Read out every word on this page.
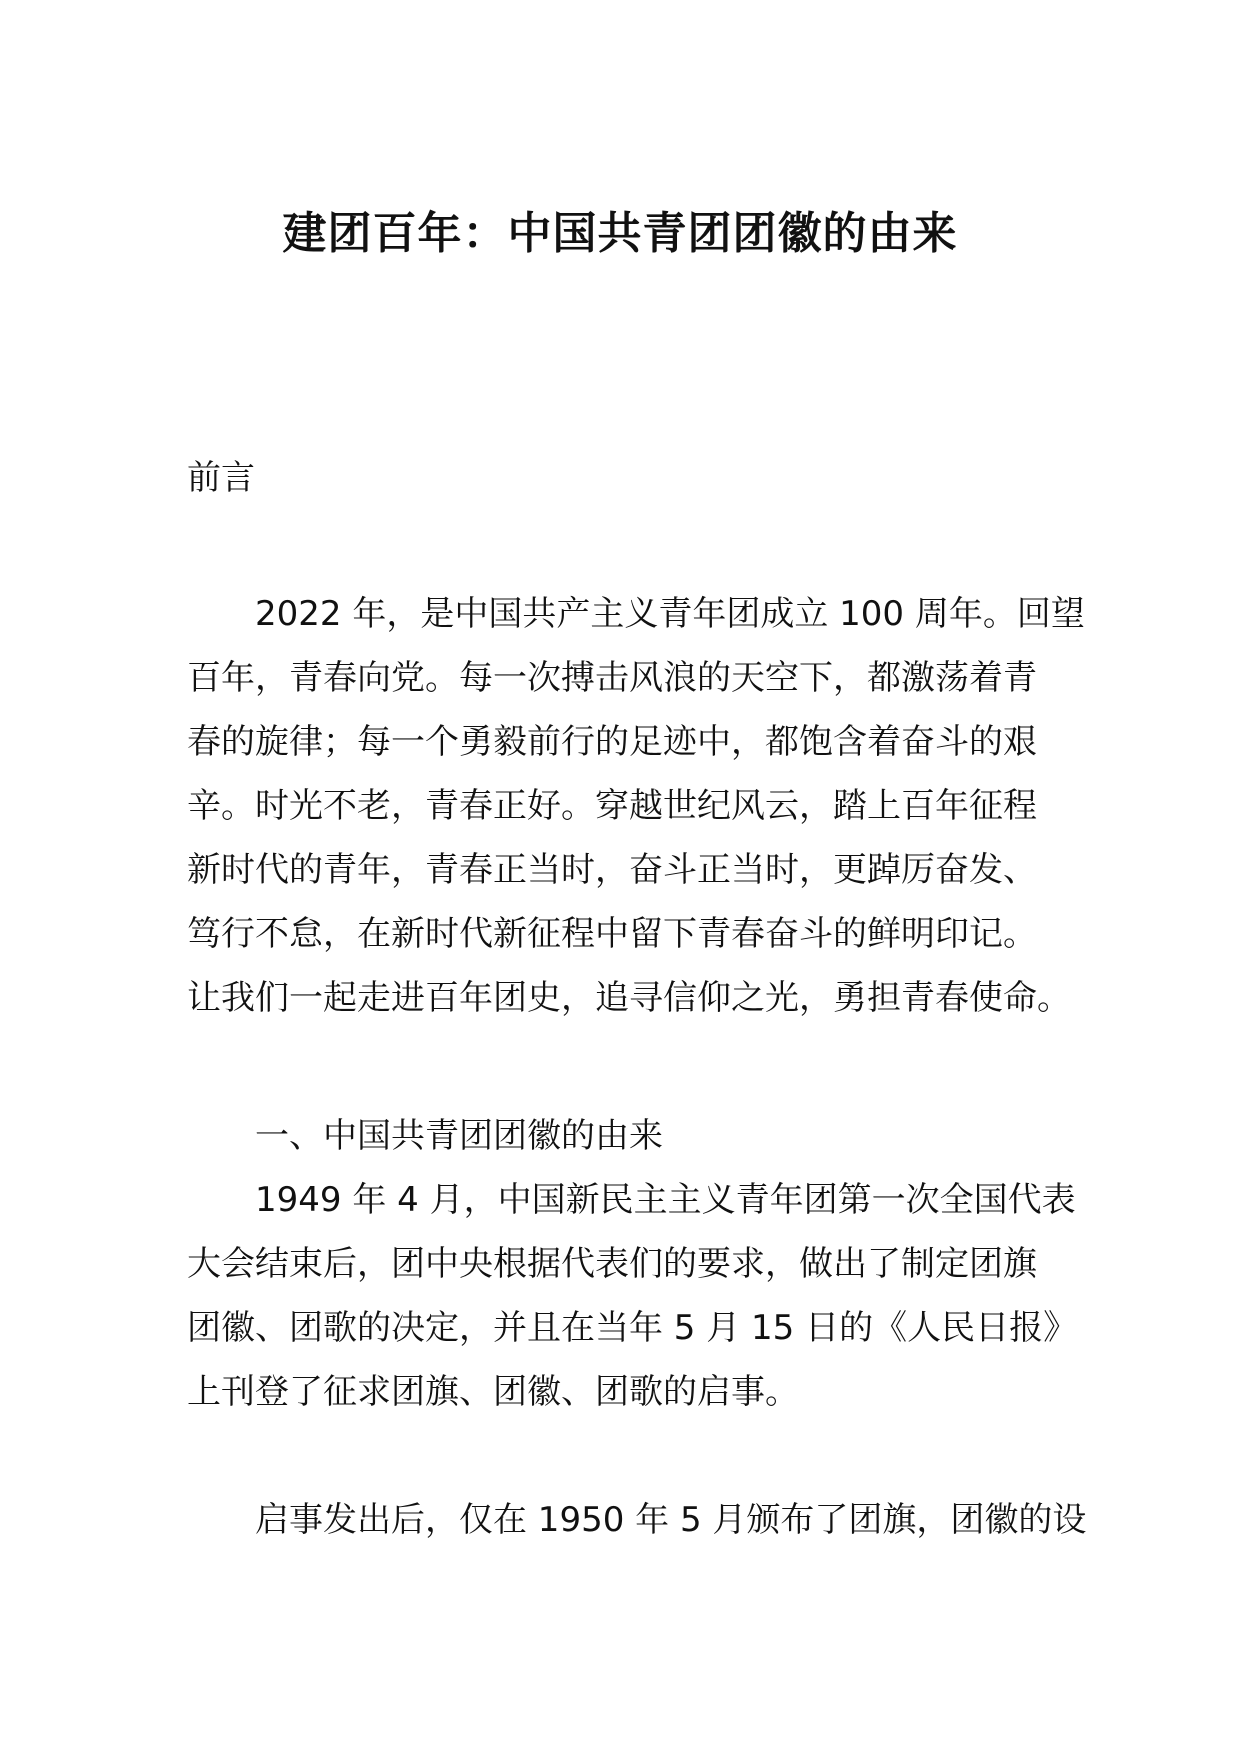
建团百年：中国共青团团徽的由来
前言
2022 年，是中国共产主义青年团成立 100 周年。回望
百年，青春向党。每一次搏击风浪的天空下，都激荡着青
春的旋律；每一个勇毅前行的足迹中，都饱含着奋斗的艰
辛。时光不老，青春正好。穿越世纪风云，踏上百年征程
新时代的青年，青春正当时，奋斗正当时，更踔厉奋发、
笃行不怠，在新时代新征程中留下青春奋斗的鲜明印记。
让我们一起走进百年团史，追寻信仰之光，勇担青春使命。
一、中国共青团团徽的由来
1949 年 4 月，中国新民主主义青年团第一次全国代表
大会结束后，团中央根据代表们的要求，做出了制定团旗
团徽、团歌的决定，并且在当年 5 月 15 日的《人民日报》
上刊登了征求团旗、团徽、团歌的启事。
启事发出后，仅在 1950 年 5 月颁布了团旗，团徽的设
